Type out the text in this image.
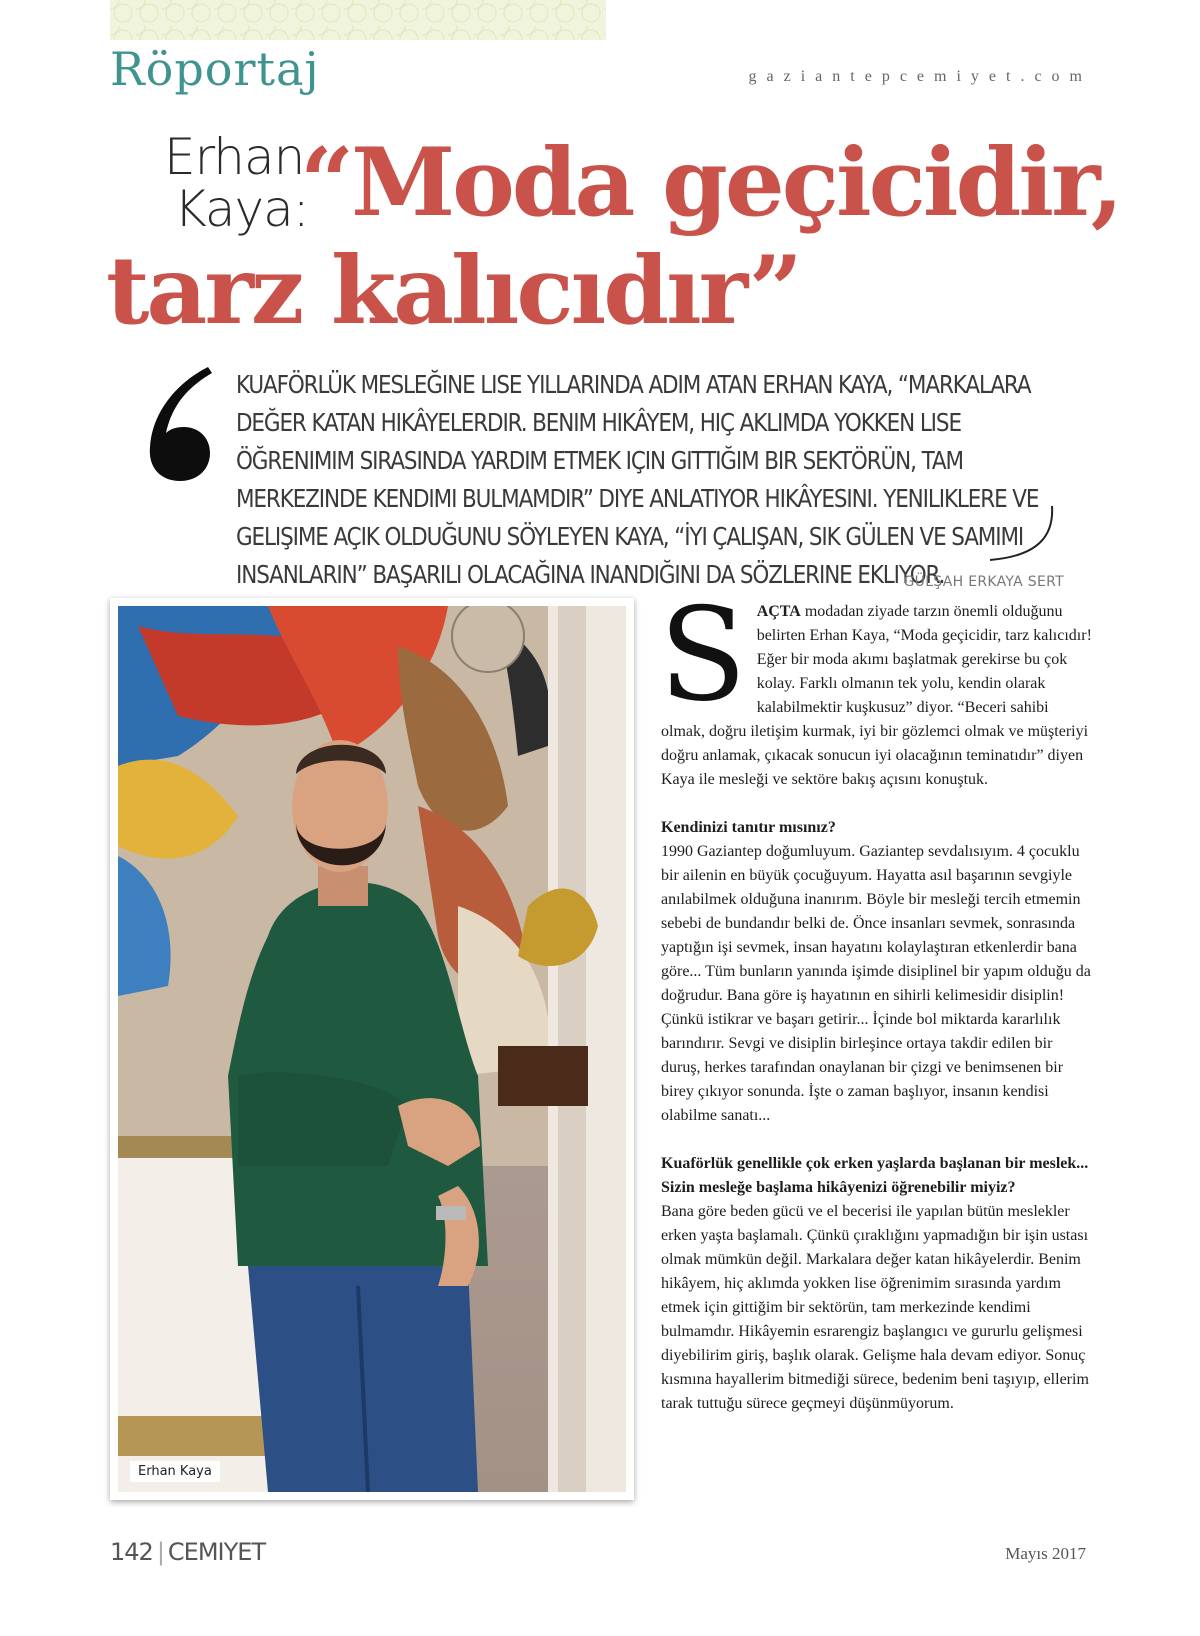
Röportaj	gaziantepcemiyet.com
Erhan
Kaya:
“Moda geçicidir,
tarz kalıcıdır”
KUAFÖRLÜK MESLEĞINE LISE YILLARINDA ADIM ATAN ERHAN KAYA, “MARKALARA DEĞER KATAN HIKÂYELERDIR. BENIM HIKÂYEM, HIÇ AKLIMDA YOKKEN LISE ÖĞRENIMIM SIRASINDA YARDIM ETMEK IÇIN GITTIĞIM BIR SEKTÖRÜN, TAM MERKEZINDE KENDIMI BULMAMDIR” DIYE ANLATIYOR HIKÂYESINI. YENILIKLERE VE GELIŞIME AÇIK OLDUĞUNU SÖYLEYEN KAYA, “İYI ÇALIŞAN, SIK GÜLEN VE SAMIMI INSANLARIN” BAŞARILI OLACAĞINA INANDIĞINI DA SÖZLERINE EKLIYOR.
GÜLŞAH ERKAYA SERT
Erhan Kaya
S AÇTA modadan ziyade tarzın önemli olduğunu belirten Erhan Kaya, “Moda geçicidir, tarz kalıcıdır! Eğer bir moda akımı başlatmak gerekirse bu çok kolay. Farklı olmanın tek yolu, kendin olarak kalabilmektir kuşkusuz” diyor. “Beceri sahibi olmak, doğru iletişim kurmak, iyi bir gözlemci olmak ve müşteriyi doğru anlamak, çıkacak sonucun iyi olacağının teminatıdır” diyen Kaya ile mesleği ve sektöre bakış açısını konuştuk.

Kendinizi tanıtır mısınız?

1990 Gaziantep doğumluyum. Gaziantep sevdalısıyım. 4 çocuklu bir ailenin en büyük çocuğuyum. Hayatta asıl başarının sevgiyle anılabilmek olduğuna inanırım. Böyle bir mesleği tercih etmemin sebebi de bundandır belki de. Önce insanları sevmek, sonrasında yaptığın işi sevmek, insan hayatını kolaylaştıran etkenlerdir bana göre... Tüm bunların yanında işimde disiplinel bir yapım olduğu da doğrudur. Bana göre iş hayatının en sihirli kelimesidir disiplin! Çünkü istikrar ve başarı getirir... İçinde bol miktarda kararlılık barındırır. Sevgi ve disiplin birleşince ortaya takdir edilen bir duruş, herkes tarafından onaylanan bir çizgi ve benimsenen bir birey çıkıyor sonunda. İşte o zaman başlıyor, insanın kendisi olabilme sanatı...

Kuaförlük genellikle çok erken yaşlarda başlanan bir meslek... Sizin mesleğe başlama hikâyenizi öğrenebilir miyiz?

Bana göre beden gücü ve el becerisi ile yapılan bütün meslekler erken yaşta başlamalı. Çünkü çıraklığını yapmadığın bir işin ustası olmak mümkün değil. Markalara değer katan hikâyelerdir. Benim hikâyem, hiç aklımda yokken lise öğrenimim sırasında yardım etmek için gittiğim bir sektörün, tam merkezinde kendimi bulmamdır. Hikâyemin esrarengiz başlangıcı ve gururlu gelişmesi diyebilirim giriş, başlık olarak. Gelişme hala devam ediyor. Sonuç kısmına hayallerim bitmediği sürece, bedenim beni taşıyıp, ellerim tarak tuttuğu sürece geçmeyi düşünmüyorum.

142 | CEMIYET	Mayıs 2017
